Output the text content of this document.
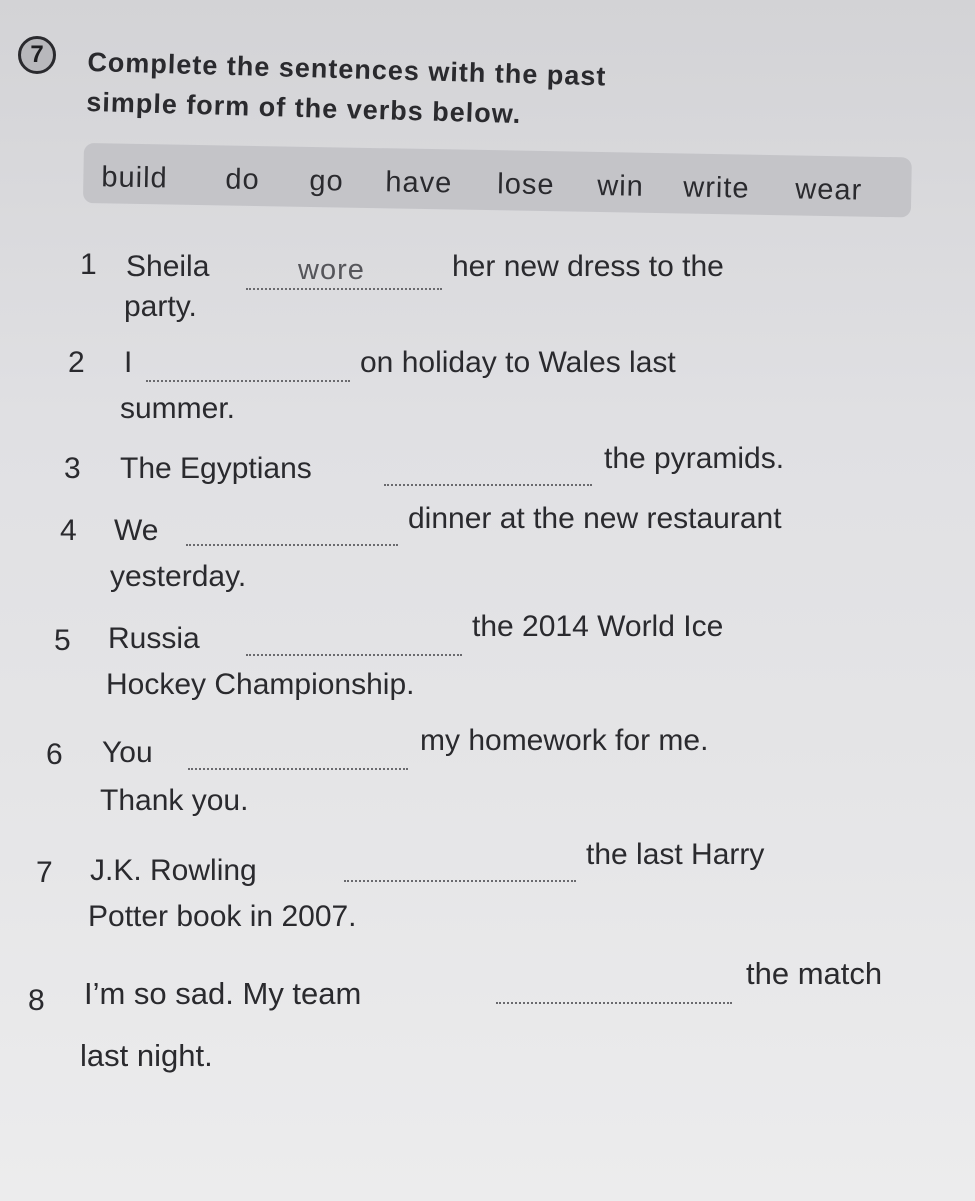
7	Complete the sentences with the past
simple form of the verbs below.
build do go have lose win write wear
1 Sheila	wore	her new dress to the
party.
2 I	on holiday to Wales last
summer.
3 The Egyptians	the pyramids.
4 We	dinner at the new restaurant
yesterday.
5 Russia	the 2014 World Ice
Hockey Championship.
6 You	my homework for me.
Thank you.
7 J.K. Rowling	the last Harry
Potter book in 2007.
8 I’m so sad. My team
the match
last night.
